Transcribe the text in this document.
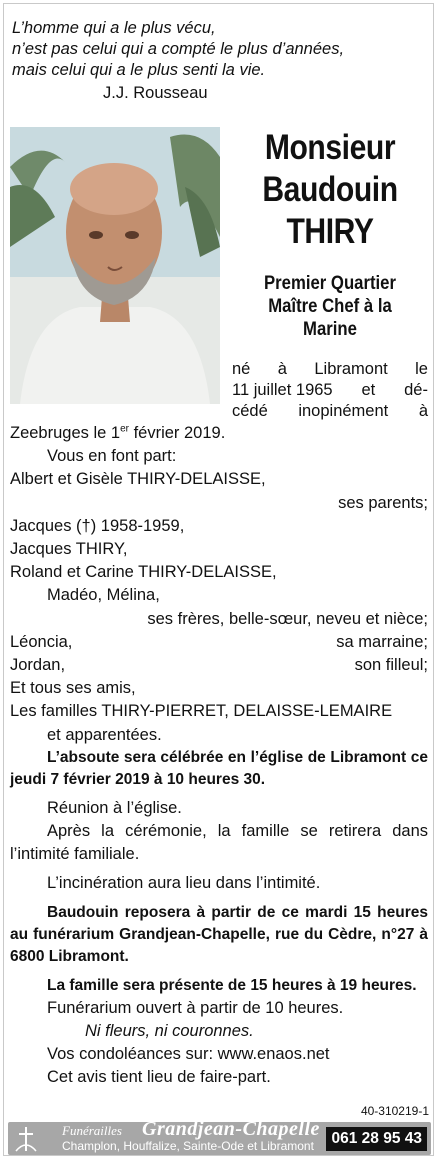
L’homme qui a le plus vécu,
n’est pas celui qui a compté le plus d’années,
mais celui qui a le plus senti la vie.
J.J. Rousseau
Monsieur
Baudouin
THIRY
Premier Quartier
Maître Chef à la
Marine
né à Libramont le
11 juillet 1965 et dé-
cédé inopinément à
Zeebruges le 1er février 2019.
Vous en font part:
Albert et Gisèle THIRY-DELAISSE,
ses parents;
Jacques (†) 1958-1959,
Jacques THIRY,
Roland et Carine THIRY-DELAISSE,
Madéo, Mélina,
ses frères, belle-sœur, neveu et nièce;
Léoncia,	sa marraine;
Jordan,	son filleul;
Et tous ses amis,
Les familles THIRY-PIERRET, DELAISSE-LEMAIRE
et apparentées.
L’absoute sera célébrée en l’église de Libramont ce jeudi 7 février 2019 à 10 heures 30.
Réunion à l’église.
Après la cérémonie, la famille se retirera dans l’intimité familiale.
L’incinération aura lieu dans l’intimité.
Baudouin reposera à partir de ce mardi 15 heures au funérarium Grandjean-Chapelle, rue du Cèdre, n°27 à 6800 Libramont.
La famille sera présente de 15 heures à 19 heures.
Funérarium ouvert à partir de 10 heures.
Ni fleurs, ni couronnes.
Vos condoléances sur: www.enaos.net
Cet avis tient lieu de faire-part.
40-310219-1
Funérailles Grandjean-Chapelle
Champlon, Houffalize, Sainte-Ode et Libramont	061 28 95 43
